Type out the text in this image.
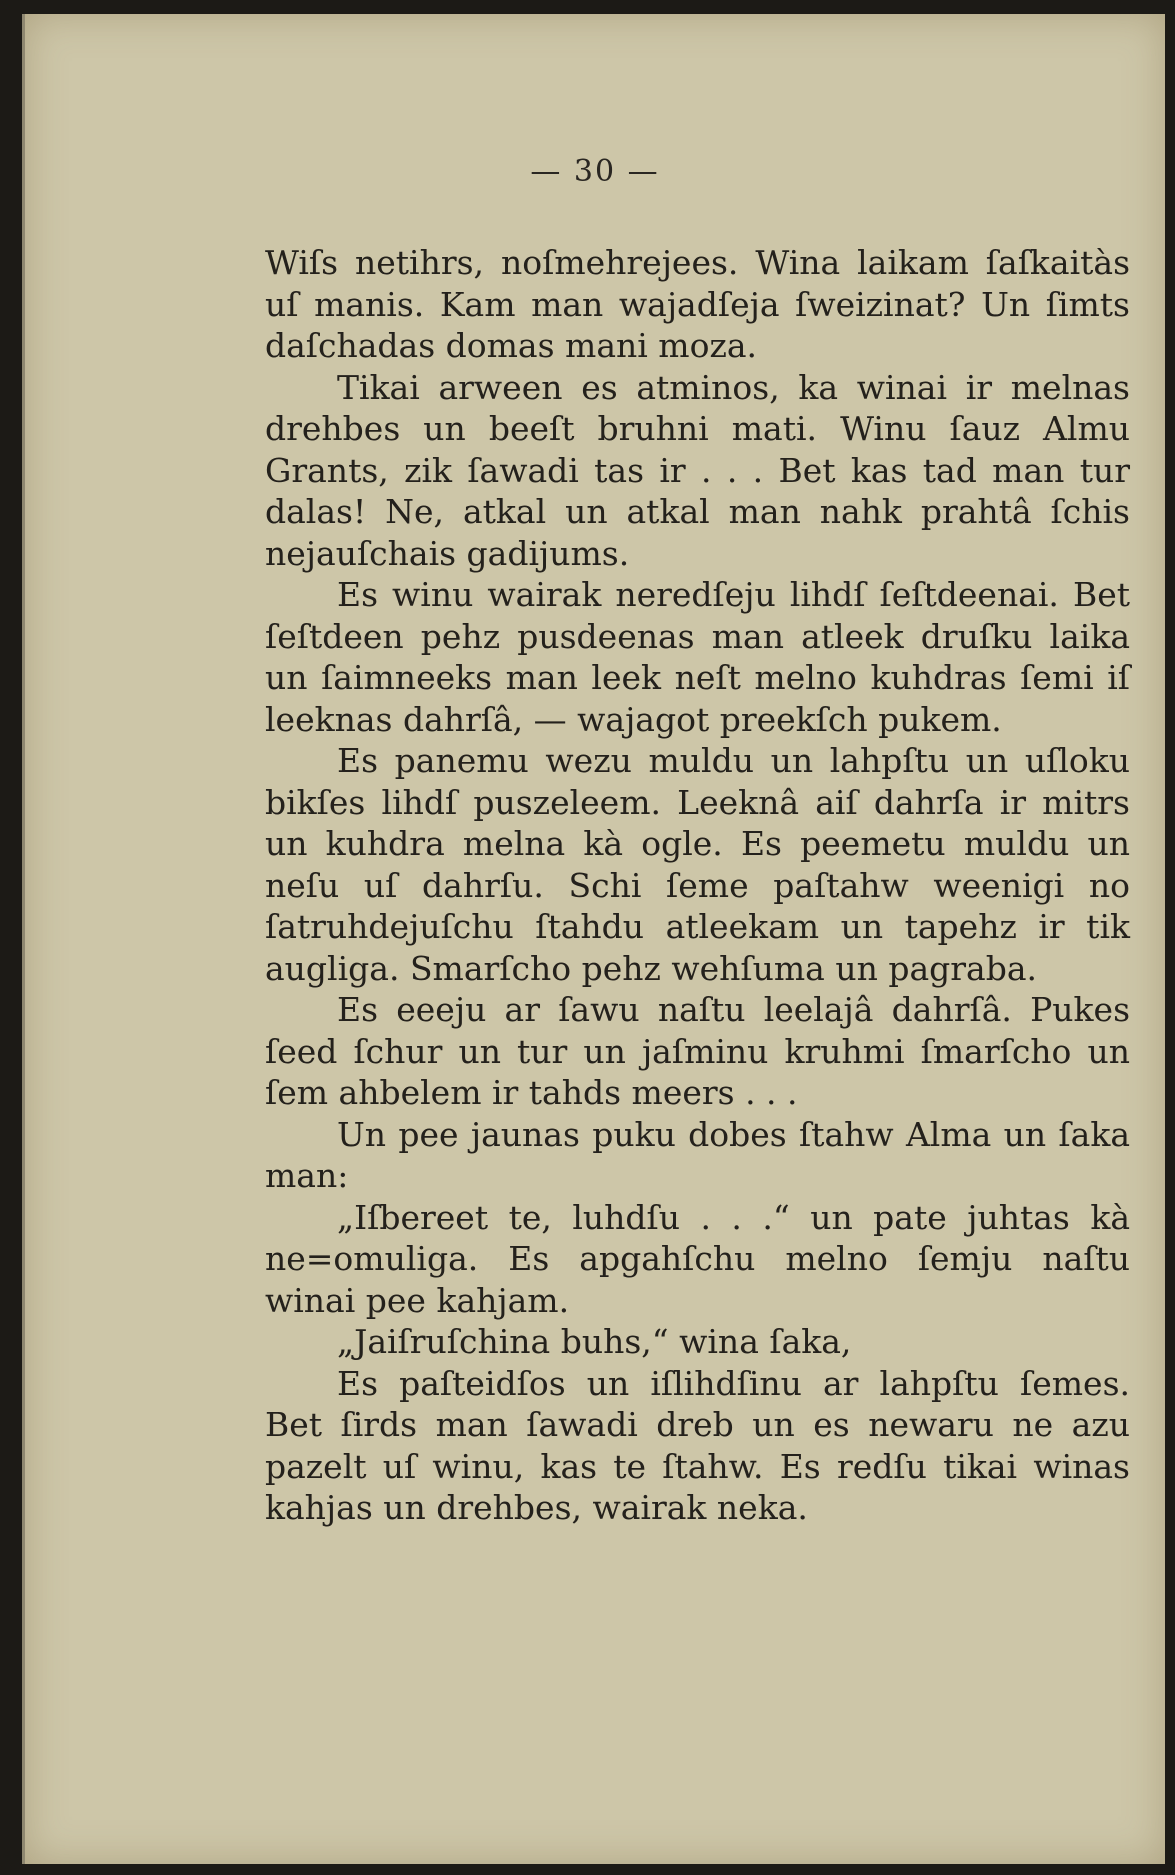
— 30 —

Wiſs netihrs, noſmehrejees. Wina laikam ſaſkaitàs uſ manis. Kam man wajadſeja ſweizinat? Un ſimts daſchadas domas mani moza.

Tikai arween es atminos, ka winai ir melnas drehbes un beeſt bruhni mati. Winu ſauz Almu Grants, zik ſawadi tas ir . . . Bet kas tad man tur dalas! Ne, atkal un atkal man nahk prahtâ ſchis nejauſchais gadijums.

Es winu wairak neredſeju lihdſ ſeſtdeenai. Bet ſeſtdeen pehz pusdeenas man atleek druſku laika un ſaimneeks man leek neſt melno kuhdras ſemi iſ leeknas dahrſâ, — wajagot preekſch pukem.

Es panemu wezu muldu un lahpſtu un uſloku bikſes lihdſ puszeleem. Leeknâ aiſ dahrſa ir mitrs un kuhdra melna kà ogle. Es peemetu muldu un neſu uſ dahrſu. Schi ſeme paſtahw weenigi no ſatruhdejuſchu ſtahdu atleekam un tapehz ir tik augliga. Smarſcho pehz wehſuma un pagraba.

Es eeeju ar ſawu naſtu leelajâ dahrſâ. Pukes ſeed ſchur un tur un jaſminu kruhmi ſmarſcho un ſem ahbelem ir tahds meers . . .

Un pee jaunas puku dobes ſtahw Alma un ſaka man:

„Iſbereet te, luhdſu . . .“ un pate juhtas kà ne=omuliga. Es apgahſchu melno ſemju naſtu winai pee kahjam.

„Jaiſruſchina buhs,“ wina ſaka,

Es paſteidſos un iſlihdſinu ar lahpſtu ſemes. Bet ſirds man ſawadi dreb un es newaru ne azu pazelt uſ winu, kas te ſtahw. Es redſu tikai winas kahjas un drehbes, wairak neka.
